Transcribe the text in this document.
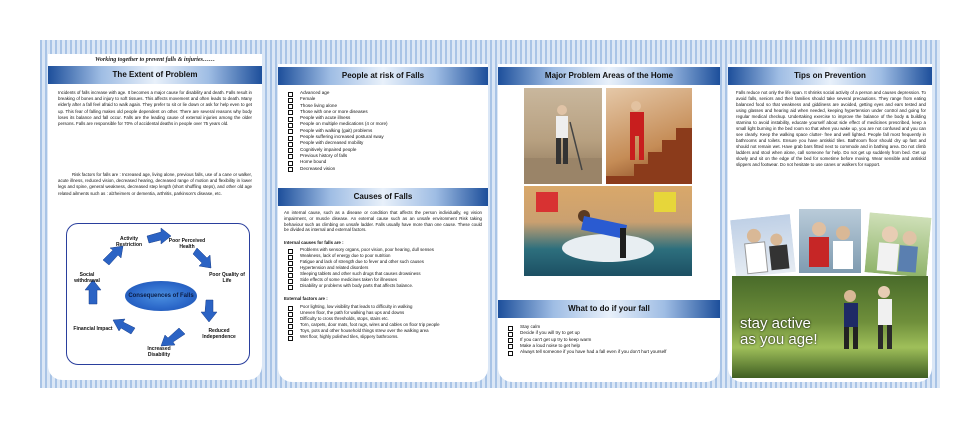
Working together to prevent falls & injuries……
The Extent of Problem

Incidents of falls increase with age. It becomes a major cause for disability and death. Falls result in breaking of bones and injury to soft tissues. This affects movement and often leads to death. Many elderly after a fall feel afraid to walk again. They prefer to sit or lie down or ask for help even to get up. This fear of falling makes old people dependent on other. There are several reasons why body loses its balance and fall occur. Falls are the leading cause of external injuries among the older persons. Falls are responsible for 70% of accidental deaths in people over 75 years old.

Risk factors for falls are : Increased age, living alone, previous falls, use of a cane or walker, acute illness, reduced vision, decreased hearing, decreased range of motion and flexibility in lower legs and spine, general weakness, decreased step length (short shuffling steps), and other old age related ailments such as : alzheimers or dementia, arthritis, parkinson's disease, etc.

Activity Restriction
Poor Perceived Health
Poor Quality of Life
Reduced Independence
Increased Disability
Financial Impact
Social withdrawal
Consequences of Falls
People at risk of Falls
Advanced age
Female
Those living alone
Those with one or more diseases
People with acute illness
People on multiple medications (4 or more)
People with walking (gait) problems
People suffering increased postural sway
People with decreased mobility
Cognitively impaired people
Previous history of falls
Home bound
Decreased vision
Causes of Falls

An internal cause, such as a disease or condition that affects the person individually, eg vision impairment, or muscle disease. An external cause such as an unsafe environment Risk taking behaviour such as climbing on unsafe ladder. Falls usually have more than one cause. These could be divided as internal and external factors.

Internal causes for falls are :
Problems with sensory organs, poor vision, poor hearing, dull senses
Weakness, lack of energy due to poor nutrition
Fatigue and lack of strength due to fever and other such causes
Hypertension and related disorders
Sleeping tablets and other such drugs that causes drowsiness
Side effects of some medicines taken for illnesses
Disability or problems with body parts that affects balance.
External factors are :
Poor lighting, low visibility that leads to difficulty in walking
Uneven floor, the path for walking has ups and downs
Difficulty to cross thresholds, stops, stairs etc.
Torn, carpets, door mats, foot rugs, wires and cables on floor trip people
Toys, pots and other household things strew over the walking area
Wet floor, highly polished tiles, slippery bathrooms.
Major Problem Areas of the Home
What to do if your fall
Stay calm
Decide if you will try to get up
If you can't get up try to keep warm
Make a loud noise to get help
Always tell someone if you have had a fall even if you don't hurt yourself
Tips on Prevention

Falls reduce not only the life span. It shrinks social activity of a person and causes depression. To avoid falls, seniors and their families should take several precautions. They range from eating balanced food so that weakness and giddiness are avoided, getting eyes and ears tested and using glasses and hearing aid when needed, keeping hypertension under control and going for regular medical checkup. Undertaking exercise to improve the balance of the body & building stamina to avoid instability, educate yourself about side effect of medicines prescribed, keep a small light burning in the bed room so that when you wake up, you are not confused and you can see clearly. Keep the walking space clutter- free and well lighted. People fall most frequently in bathrooms and toilets. Ensure you have antiskid tiles. Bathroom floor should dry up fast and should not remain wet. Have grab bars fitted next to commode and in bathing area. Do not climb ladders and stool when alone, call someone for help. Do not get up suddenly from bed. Get up slowly and sit on the edge of the bed for sometime before moving. Wear sensible and antiskid slippers and footwear. Do not hesitate to use canes or walkers for support.

stay active
as you age!
